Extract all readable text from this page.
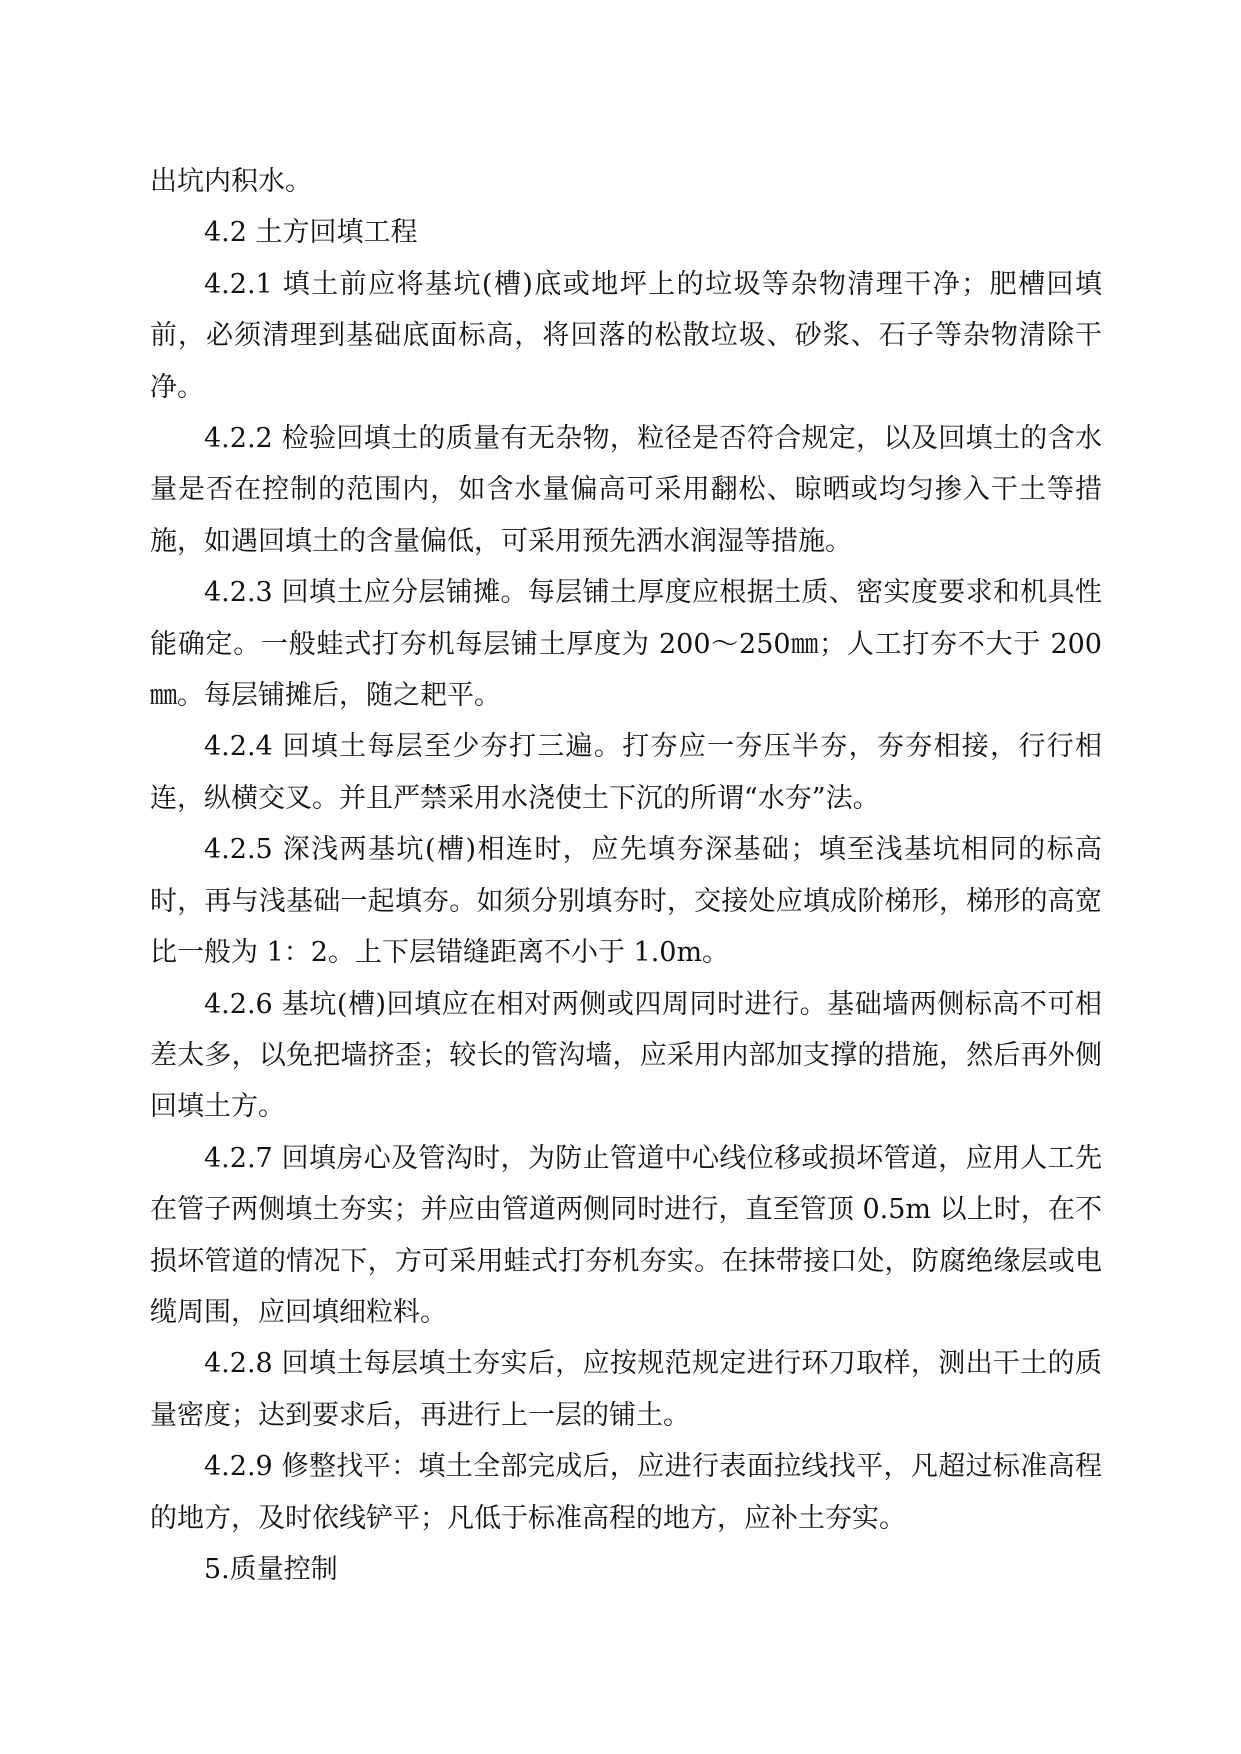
出坑内积水。

4.2 土方回填工程

4.2.1 填土前应将基坑(槽)底或地坪上的垃圾等杂物清理干净；肥槽回填前，必须清理到基础底面标高，将回落的松散垃圾、砂浆、石子等杂物清除干净。

4.2.2 检验回填土的质量有无杂物，粒径是否符合规定，以及回填土的含水量是否在控制的范围内，如含水量偏高可采用翻松、晾晒或均匀掺入干土等措施，如遇回填土的含量偏低，可采用预先洒水润湿等措施。

4.2.3 回填土应分层铺摊。每层铺土厚度应根据土质、密实度要求和机具性能确定。一般蛙式打夯机每层铺土厚度为 200～250㎜；人工打夯不大于 200㎜。每层铺摊后，随之耙平。

4.2.4 回填土每层至少夯打三遍。打夯应一夯压半夯，夯夯相接，行行相连，纵横交叉。并且严禁采用水浇使土下沉的所谓“水夯”法。

4.2.5 深浅两基坑(槽)相连时，应先填夯深基础；填至浅基坑相同的标高时，再与浅基础一起填夯。如须分别填夯时，交接处应填成阶梯形，梯形的高宽比一般为 1：2。上下层错缝距离不小于 1.0m。

4.2.6 基坑(槽)回填应在相对两侧或四周同时进行。基础墙两侧标高不可相差太多，以免把墙挤歪；较长的管沟墙，应采用内部加支撑的措施，然后再外侧回填土方。

4.2.7 回填房心及管沟时，为防止管道中心线位移或损坏管道，应用人工先在管子两侧填土夯实；并应由管道两侧同时进行，直至管顶 0.5m 以上时，在不损坏管道的情况下，方可采用蛙式打夯机夯实。在抹带接口处，防腐绝缘层或电缆周围，应回填细粒料。

4.2.8 回填土每层填土夯实后，应按规范规定进行环刀取样，测出干土的质量密度；达到要求后，再进行上一层的铺土。

4.2.9 修整找平：填土全部完成后，应进行表面拉线找平，凡超过标准高程的地方，及时依线铲平；凡低于标准高程的地方，应补土夯实。

5.质量控制
